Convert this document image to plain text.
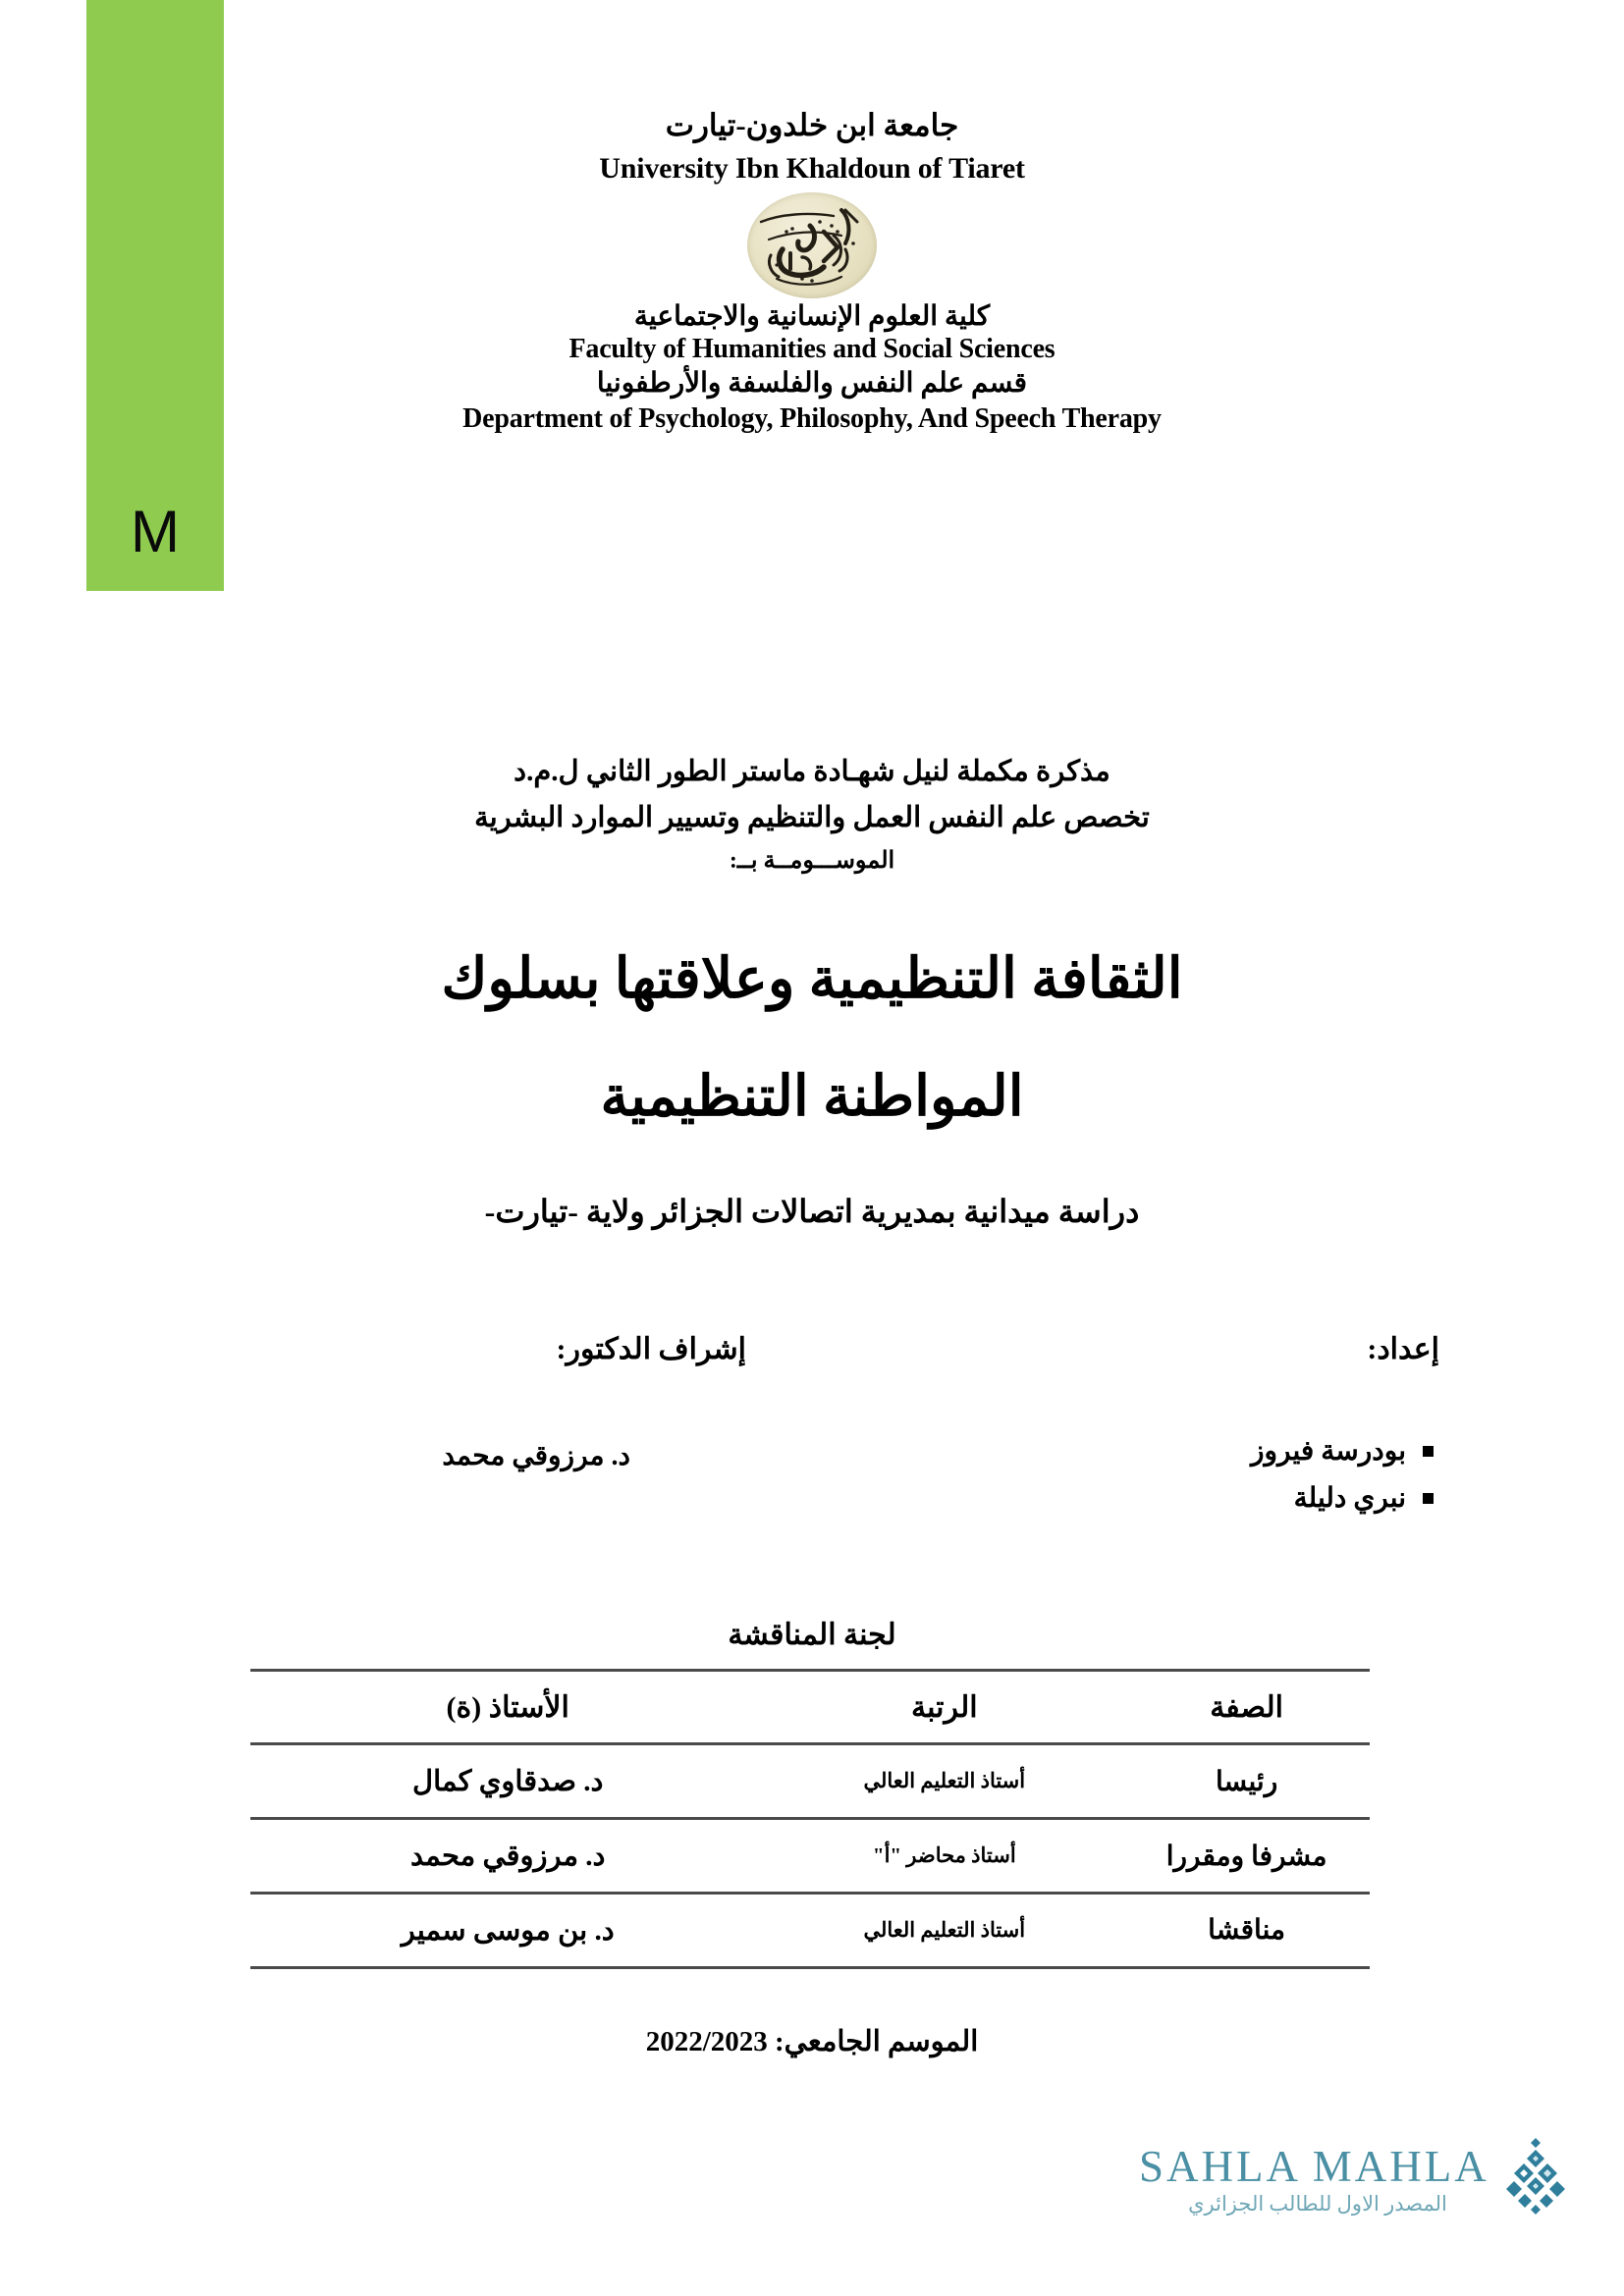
M
جامعة ابن خلدون-تيارت
University Ibn Khaldoun of Tiaret
كلية العلوم الإنسانية والاجتماعية
Faculty of Humanities and Social Sciences
قسم علم النفس والفلسفة والأرطفونيا
Department of Psychology, Philosophy, And Speech Therapy
مذكرة مكملة لنيل شهـادة ماستر الطور الثاني ل.م.د
تخصص علم النفس العمل والتنظيم وتسيير الموارد البشرية
الموســـومــة بــ:
الثقافة التنظيمية وعلاقتها بسلوك
المواطنة التنظيمية
دراسة ميدانية بمديرية اتصالات الجزائر ولاية -تيارت-
إعداد:
إشراف الدكتور:
بودرسة فيروز
نبري دليلة
د. مرزوقي محمد
لجنة المناقشة
الصفة	الرتبة	الأستاذ (ة)
رئيسا	أستاذ التعليم العالي	د. صدقاوي كمال
مشرفا ومقررا	أستاذ محاضر "أ"	د. مرزوقي محمد
مناقشا	أستاذ التعليم العالي	د. بن موسى سمير
الموسم الجامعي: 2022/2023
SAHLA MAHLA
المصدر الاول للطالب الجزائري
